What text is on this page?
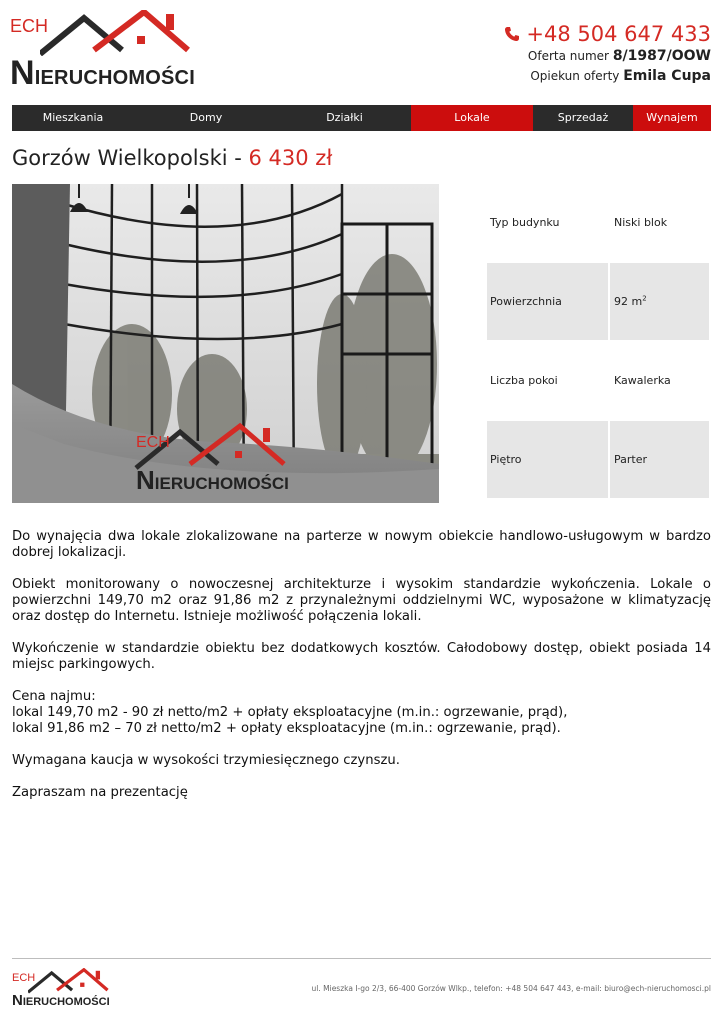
ECH
NIERUCHOMOŚCI
+48 504 647 433
Oferta numer 8/1987/OOW
Opiekun oferty Emila Cupa
Mieszkania	Domy	Działki	Lokale	Sprzedaż	Wynajem
Gorzów Wielkopolski - 6 430 zł
ECH
NIERUCHOMOŚCI
Typ budynku	Niski blok
Powierzchnia	92 $m^2$
Liczba pokoi	Kawalerka
Piętro	Parter

Do wynajęcia dwa lokale zlokalizowane na parterze w nowym obiekcie handlowo-usługowym w bardzo dobrej lokalizacji.

Obiekt monitorowany o nowoczesnej architekturze i wysokim standardzie wykończenia. Lokale o powierzchni 149,70 m2 oraz 91,86 m2 z przynależnymi oddzielnymi WC, wyposażone w klimatyzację oraz dostęp do Internetu. Istnieje możliwość połączenia lokali.

Wykończenie w standardzie obiektu bez dodatkowych kosztów. Całodobowy dostęp, obiekt posiada 14 miejsc parkingowych.

Cena najmu:
lokal 149,70 m2 - 90 zł netto/m2 + opłaty eksploatacyjne (m.in.: ogrzewanie, prąd),
lokal 91,86 m2 – 70 zł netto/m2 + opłaty eksploatacyjne (m.in.: ogrzewanie, prąd).

Wymagana kaucja w wysokości trzymiesięcznego czynszu.

Zapraszam na prezentację

ECH
NIERUCHOMOŚCI
ul. Mieszka I-go 2/3, 66-400 Gorzów Wlkp., telefon: +48 504 647 443, e-mail: biuro@ech-nieruchomosci.pl
